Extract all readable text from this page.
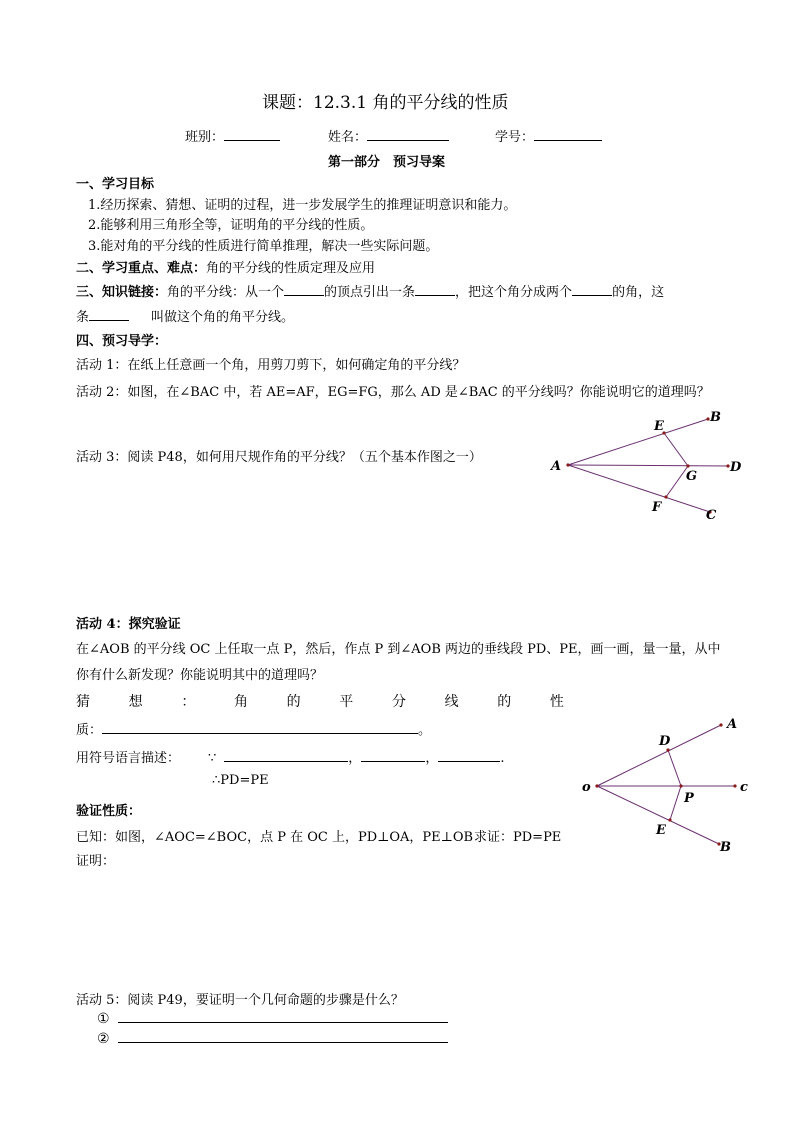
课题：12.3.1 角的平分线的性质
班别：	姓名：	学号：
第一部分　预习导案
一、学习目标
1.经历探索、猜想、证明的过程，进一步发展学生的推理证明意识和能力。
2.能够利用三角形全等，证明角的平分线的性质。
3.能对角的平分线的性质进行简单推理，解决一些实际问题。
二、学习重点、难点：角的平分线的性质定理及应用
三、知识链接：角的平分线：从一个	的顶点引出一条	，把这个角分成两个	的角，这
条	叫做这个角的角平分线。
四、预习导学：
活动 1：在纸上任意画一个角，用剪刀剪下，如何确定角的平分线？
活动 2：如图，在∠BAC 中，若 AE=AF，EG=FG，那么 AD 是∠BAC 的平分线吗？你能说明它的道理吗？
活动 3：阅读 P48，如何用尺规作角的平分线？（五个基本作图之一）
A
B
C
D
E
F
G
活动 4：探究验证
在∠AOB 的平分线 OC 上任取一点 P，然后，作点 P 到∠AOB 两边的垂线段 PD、PE，画一画，量一量，从中
你有什么新发现？你能说明其中的道理吗？
猜	想	：	角	的	平	分	线	的	性
质：	。
用符号语言描述： ∵	，	，	.
∴PD=PE
验证性质：
已知：如图，∠AOC=∠BOC，点 P 在 OC 上，PD⊥OA，PE⊥OB 求证：PD=PE
证明：
o
A
B
c
D
E
P
活动 5：阅读 P49，要证明一个几何命题的步骤是什么？
①
②
